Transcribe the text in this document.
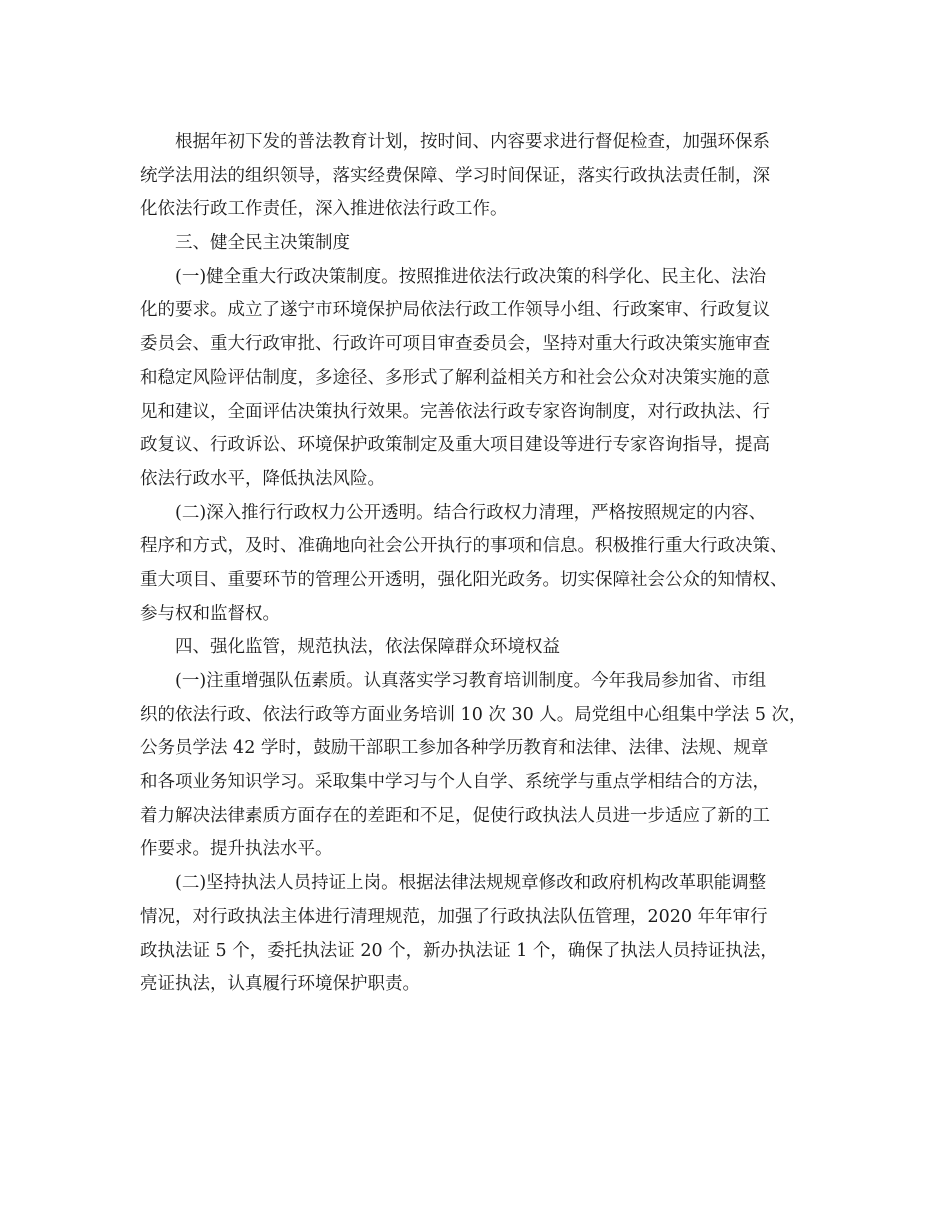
根据年初下发的普法教育计划，按时间、内容要求进行督促检查，加强环保系
统学法用法的组织领导，落实经费保障、学习时间保证，落实行政执法责任制，深
化依法行政工作责任，深入推进依法行政工作。
三、健全民主决策制度
(一)健全重大行政决策制度。按照推进依法行政决策的科学化、民主化、法治
化的要求。成立了遂宁市环境保护局依法行政工作领导小组、行政案审、行政复议
委员会、重大行政审批、行政许可项目审查委员会，坚持对重大行政决策实施审查
和稳定风险评估制度，多途径、多形式了解利益相关方和社会公众对决策实施的意
见和建议，全面评估决策执行效果。完善依法行政专家咨询制度，对行政执法、行
政复议、行政诉讼、环境保护政策制定及重大项目建设等进行专家咨询指导，提高
依法行政水平，降低执法风险。
(二)深入推行行政权力公开透明。结合行政权力清理，严格按照规定的内容、
程序和方式，及时、准确地向社会公开执行的事项和信息。积极推行重大行政决策、
重大项目、重要环节的管理公开透明，强化阳光政务。切实保障社会公众的知情权、
参与权和监督权。
四、强化监管，规范执法，依法保障群众环境权益
(一)注重增强队伍素质。认真落实学习教育培训制度。今年我局参加省、市组
织的依法行政、依法行政等方面业务培训 10 次 30 人。局党组中心组集中学法 5 次，
公务员学法 42 学时，鼓励干部职工参加各种学历教育和法律、法律、法规、规章
和各项业务知识学习。采取集中学习与个人自学、系统学与重点学相结合的方法，
着力解决法律素质方面存在的差距和不足，促使行政执法人员进一步适应了新的工
作要求。提升执法水平。
(二)坚持执法人员持证上岗。根据法律法规规章修改和政府机构改革职能调整
情况，对行政执法主体进行清理规范，加强了行政执法队伍管理，2020 年年审行
政执法证 5 个，委托执法证 20 个，新办执法证 1 个，确保了执法人员持证执法，
亮证执法，认真履行环境保护职责。
